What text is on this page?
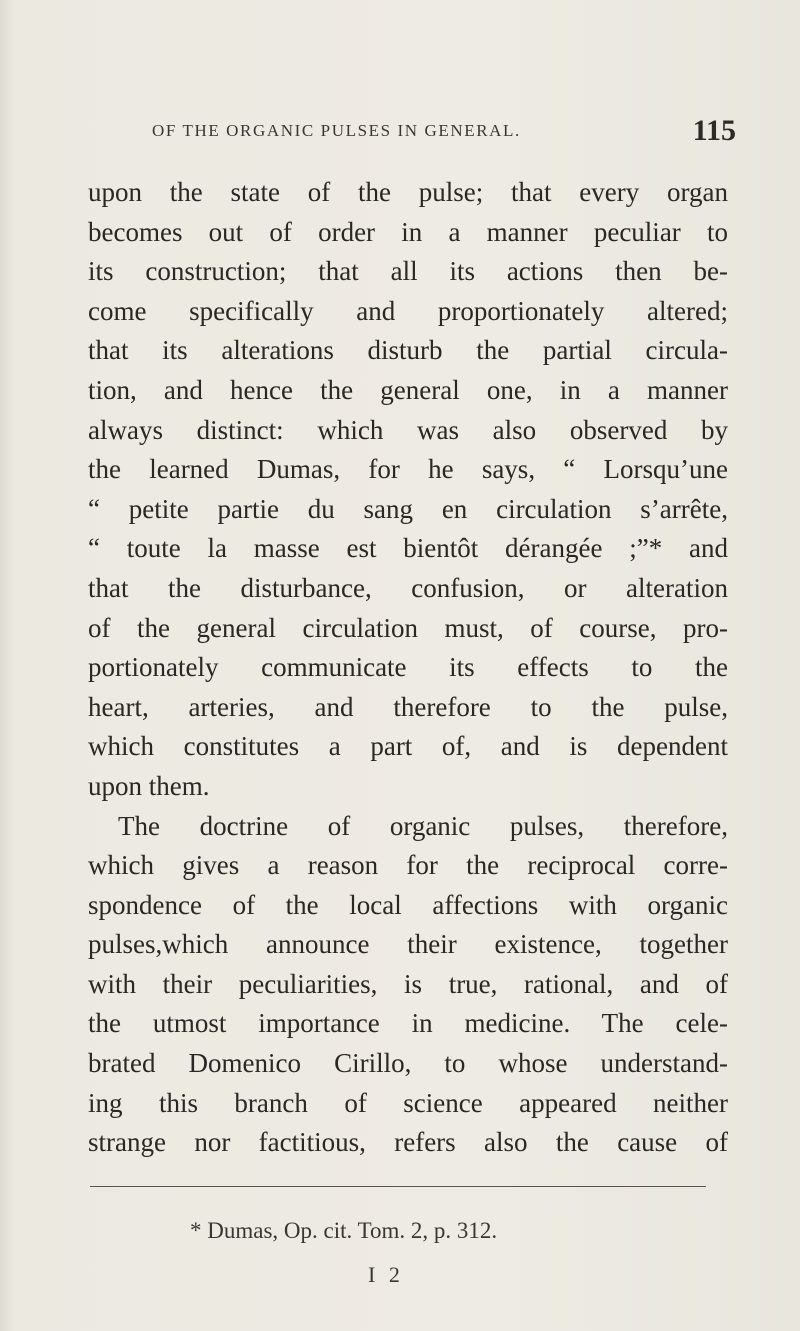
OF THE ORGANIC PULSES IN GENERAL.	115
upon the state of the pulse; that every organ
becomes out of order in a manner peculiar to
its construction; that all its actions then be-
come specifically and proportionately altered;
that its alterations disturb the partial circula-
tion, and hence the general one, in a manner
always distinct: which was also observed by
the learned Dumas, for he says, “ Lorsqu’une
“ petite partie du sang en circulation s’arrête,
“ toute la masse est bientôt dérangée ;”* and
that the disturbance, confusion, or alteration
of the general circulation must, of course, pro-
portionately communicate its effects to the
heart, arteries, and therefore to the pulse,
which constitutes a part of, and is dependent
upon them.
The doctrine of organic pulses, therefore,
which gives a reason for the reciprocal corre-
spondence of the local affections with organic
pulses,which announce their existence, together
with their peculiarities, is true, rational, and of
the utmost importance in medicine. The cele-
brated Domenico Cirillo, to whose understand-
ing this branch of science appeared neither
strange nor factitious, refers also the cause of
* Dumas, Op. cit. Tom. 2, p. 312.
I 2
